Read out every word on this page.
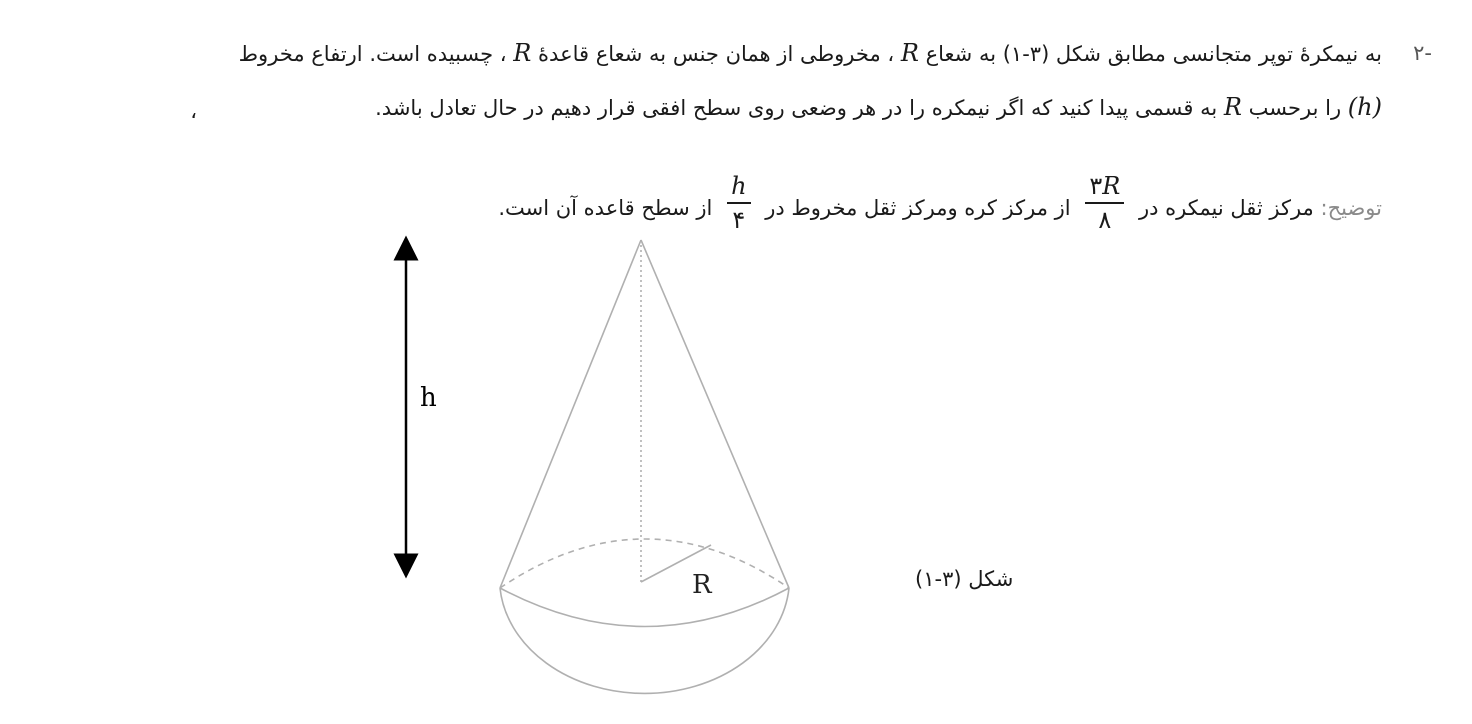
-۲
به نیمکرهٔ توپر متجانسی مطابق شکل (۳-۱) به شعاع R ، مخروطی از همان جنس به شعاع قاعدهٔ R ، چسبیده است. ارتفاع مخروط
(h) را برحسب R به قسمی پیدا کنید که اگر نیمکره را در هر وضعی روی سطح افقی قرار دهیم در حال تعادل باشد.
،
توضیح: مرکز ثقل نیمکره در
$\frac{۳R}{۸}$
از مرکز کره ومرکز ثقل مخروط در
$\frac{h}{۴}$
از سطح قاعده آن است.
h
R	شکل (۳-۱)
